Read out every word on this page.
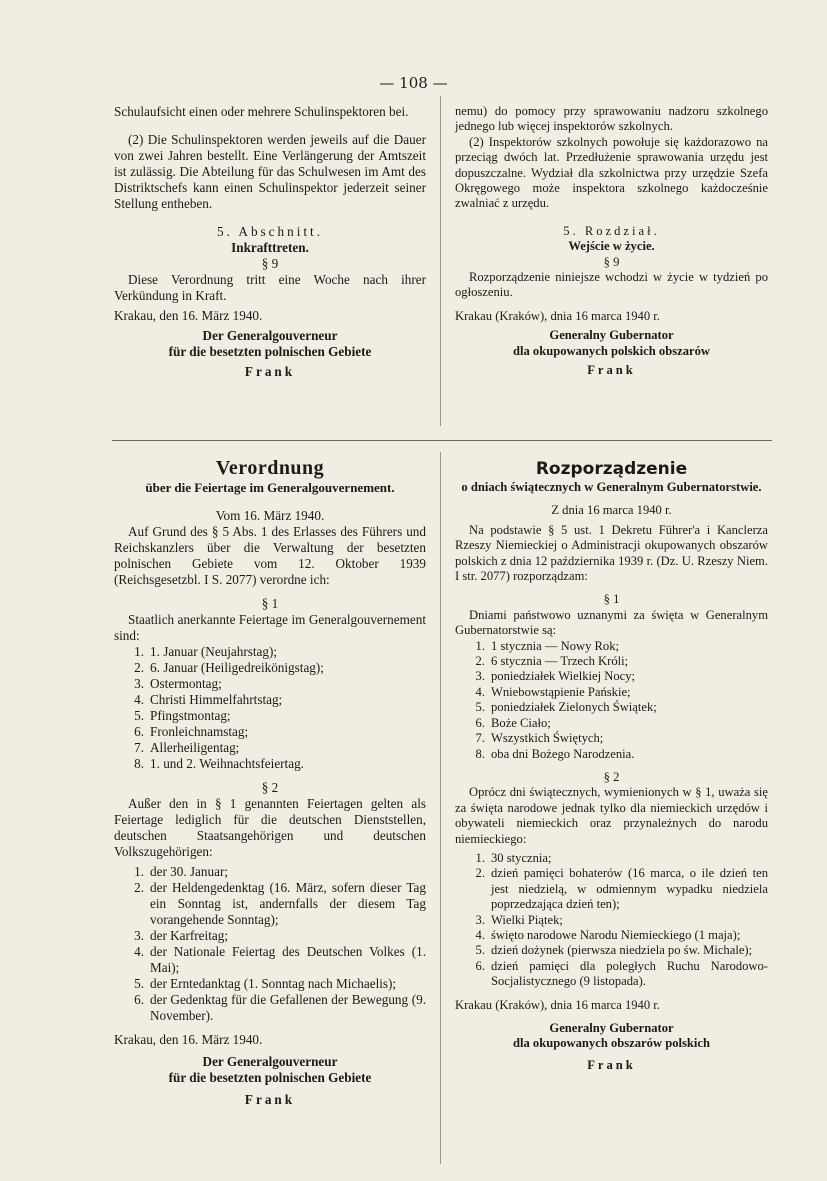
— 108 —

Schulaufsicht einen oder mehrere Schulinspektoren bei.

(2) Die Schulinspektoren werden jeweils auf die Dauer von zwei Jahren bestellt. Eine Verlängerung der Amtszeit ist zulässig. Die Abteilung für das Schulwesen im Amt des Distriktschefs kann einen Schulinspektor jederzeit seiner Stellung entheben.

5. Abschnitt.

Inkrafttreten.

§ 9

Diese Verordnung tritt eine Woche nach ihrer Verkündung in Kraft.

Krakau, den 16. März 1940.

Der Generalgouverneur

für die besetzten polnischen Gebiete

Frank

nemu) do pomocy przy sprawowaniu nadzoru szkolnego jednego lub więcej inspektorów szkolnych.

(2) Inspektorów szkolnych powołuje się każdorazowo na przeciąg dwóch lat. Przedłużenie sprawowania urzędu jest dopuszczalne. Wydział dla szkolnictwa przy urzędzie Szefa Okręgowego może inspektora szkolnego każdocześnie zwalniać z urzędu.

5. Rozdział.

Wejście w życie.

§ 9

Rozporządzenie niniejsze wchodzi w życie w tydzień po ogłoszeniu.

Krakau (Kraków), dnia 16 marca 1940 r.

Generalny Gubernator

dla okupowanych polskich obszarów

Frank

Verordnung

über die Feiertage im Generalgouvernement.

Vom 16. März 1940.

Auf Grund des § 5 Abs. 1 des Erlasses des Führers und Reichskanzlers über die Verwaltung der besetzten polnischen Gebiete vom 12. Oktober 1939 (Reichsgesetzbl. I S. 2077) verordne ich:

§ 1

Staatlich anerkannte Feiertage im Generalgouvernement sind:

1. 1. Januar (Neujahrstag);
2. 6. Januar (Heiligedreikönigstag);
3. Ostermontag;
4. Christi Himmelfahrtstag;
5. Pfingstmontag;
6. Fronleichnamstag;
7. Allerheiligentag;
8. 1. und 2. Weihnachtsfeiertag.

§ 2

Außer den in § 1 genannten Feiertagen gelten als Feiertage lediglich für die deutschen Dienststellen, deutschen Staatsangehörigen und deutschen Volkszugehörigen:

1. der 30. Januar;
2. der Heldengedenktag (16. März, sofern dieser Tag ein Sonntag ist, andernfalls der diesem Tag vorangehende Sonntag);
3. der Karfreitag;
4. der Nationale Feiertag des Deutschen Volkes (1. Mai);
5. der Erntedanktag (1. Sonntag nach Michaelis);
6. der Gedenktag für die Gefallenen der Bewegung (9. November).

Krakau, den 16. März 1940.

Der Generalgouverneur

für die besetzten polnischen Gebiete

Frank

Rozporządzenie

o dniach świątecznych w Generalnym Gubernatorstwie.

Z dnia 16 marca 1940 r.

Na podstawie § 5 ust. 1 Dekretu Führer'a i Kanclerza Rzeszy Niemieckiej o Administracji okupowanych obszarów polskich z dnia 12 października 1939 r. (Dz. U. Rzeszy Niem. I str. 2077) rozporządzam:

§ 1

Dniami państwowo uznanymi za święta w Generalnym Gubernatorstwie są:

1. 1 stycznia — Nowy Rok;
2. 6 stycznia — Trzech Króli;
3. poniedziałek Wielkiej Nocy;
4. Wniebowstąpienie Pańskie;
5. poniedziałek Zielonych Świątek;
6. Boże Ciało;
7. Wszystkich Świętych;
8. oba dni Bożego Narodzenia.

§ 2

Oprócz dni świątecznych, wymienionych w § 1, uważa się za święta narodowe jednak tylko dla niemieckich urzędów i obywateli niemieckich oraz przynależnych do narodu niemieckiego:

1. 30 stycznia;
2. dzień pamięci bohaterów (16 marca, o ile dzień ten jest niedzielą, w odmiennym wypadku niedziela poprzedzająca dzień ten);
3. Wielki Piątek;
4. święto narodowe Narodu Niemieckiego (1 maja);
5. dzień dożynek (pierwsza niedziela po św. Michale);
6. dzień pamięci dla poległych Ruchu Narodowo-Socjalistycznego (9 listopada).

Krakau (Kraków), dnia 16 marca 1940 r.

Generalny Gubernator

dla okupowanych obszarów polskich

Frank
